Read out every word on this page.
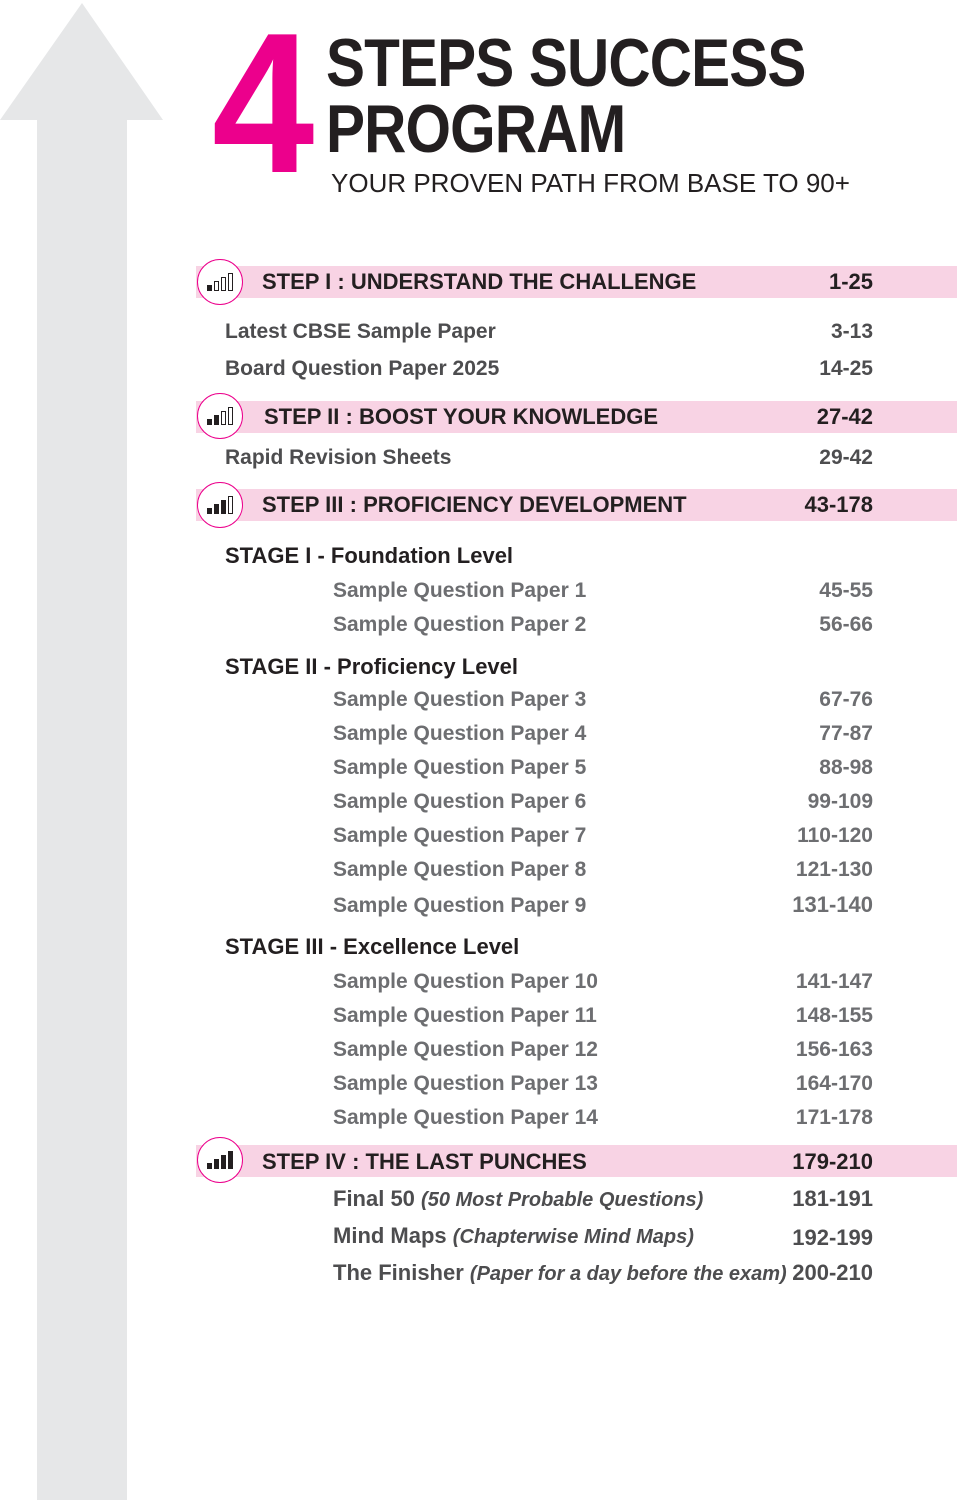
4 STEPS SUCCESS
PROGRAM
YOUR PROVEN PATH FROM BASE TO 90+
STEP I : UNDERSTAND THE CHALLENGE	1-25
Latest CBSE Sample Paper	3-13
Board Question Paper 2025	14-25
STEP II : BOOST YOUR KNOWLEDGE	27-42
Rapid Revision Sheets	29-42
STEP III : PROFICIENCY DEVELOPMENT	43-178
STAGE I - Foundation Level
Sample Question Paper 1	45-55
Sample Question Paper 2	56-66
STAGE II - Proficiency Level
Sample Question Paper 3	67-76
Sample Question Paper 4	77-87
Sample Question Paper 5	88-98
Sample Question Paper 6	99-109
Sample Question Paper 7	110-120
Sample Question Paper 8	121-130
Sample Question Paper 9	131-140
STAGE III - Excellence Level
Sample Question Paper 10	141-147
Sample Question Paper 11	148-155
Sample Question Paper 12	156-163
Sample Question Paper 13	164-170
Sample Question Paper 14	171-178
STEP IV : THE LAST PUNCHES	179-210
Final 50 (50 Most Probable Questions)	181-191
Mind Maps (Chapterwise Mind Maps)	192-199
The Finisher (Paper for a day before the exam) 200-210
